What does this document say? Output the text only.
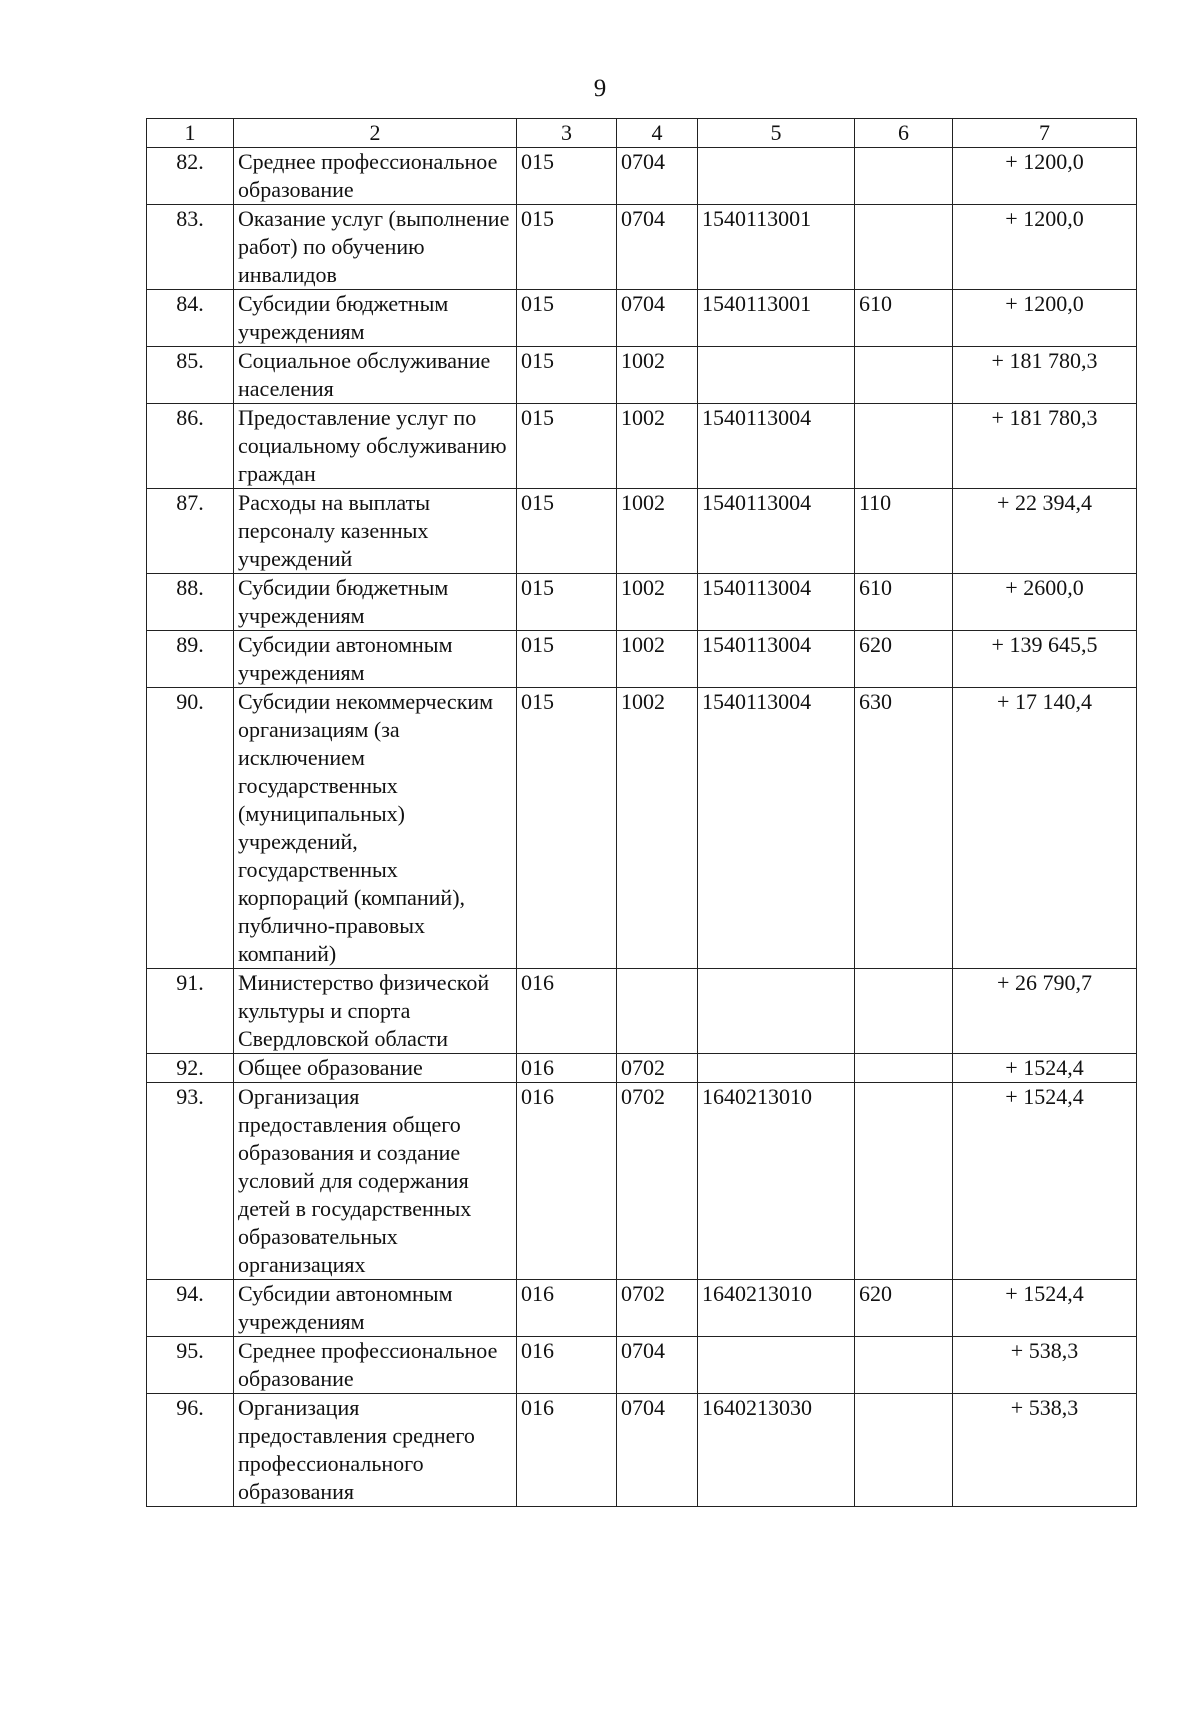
9
1	2	3	4	5	6	7
82.	Среднее профессиональное образование	015	0704			+ 1200,0
83.	Оказание услуг (выполнение работ) по обучению инвалидов	015	0704	1540113001		+ 1200,0
84.	Субсидии бюджетным учреждениям	015	0704	1540113001	610	+ 1200,0
85.	Социальное обслуживание населения	015	1002			+ 181 780,3
86.	Предоставление услуг по социальному обслуживанию граждан	015	1002	1540113004		+ 181 780,3
87.	Расходы на выплаты персоналу казенных учреждений	015	1002	1540113004	110	+ 22 394,4
88.	Субсидии бюджетным учреждениям	015	1002	1540113004	610	+ 2600,0
89.	Субсидии автономным учреждениям	015	1002	1540113004	620	+ 139 645,5
90.	Субсидии некоммерческим организациям (за исключением государственных (муниципальных) учреждений, государственных корпораций (компаний), публично-правовых компаний)	015	1002	1540113004	630	+ 17 140,4
91.	Министерство физической культуры и спорта Свердловской области	016				+ 26 790,7
92.	Общее образование	016	0702			+ 1524,4
93.	Организация предоставления общего образования и создание условий для содержания детей в государственных образовательных организациях	016	0702	1640213010		+ 1524,4
94.	Субсидии автономным учреждениям	016	0702	1640213010	620	+ 1524,4
95.	Среднее профессиональное образование	016	0704			+ 538,3
96.	Организация предоставления среднего профессионального образования	016	0704	1640213030		+ 538,3
